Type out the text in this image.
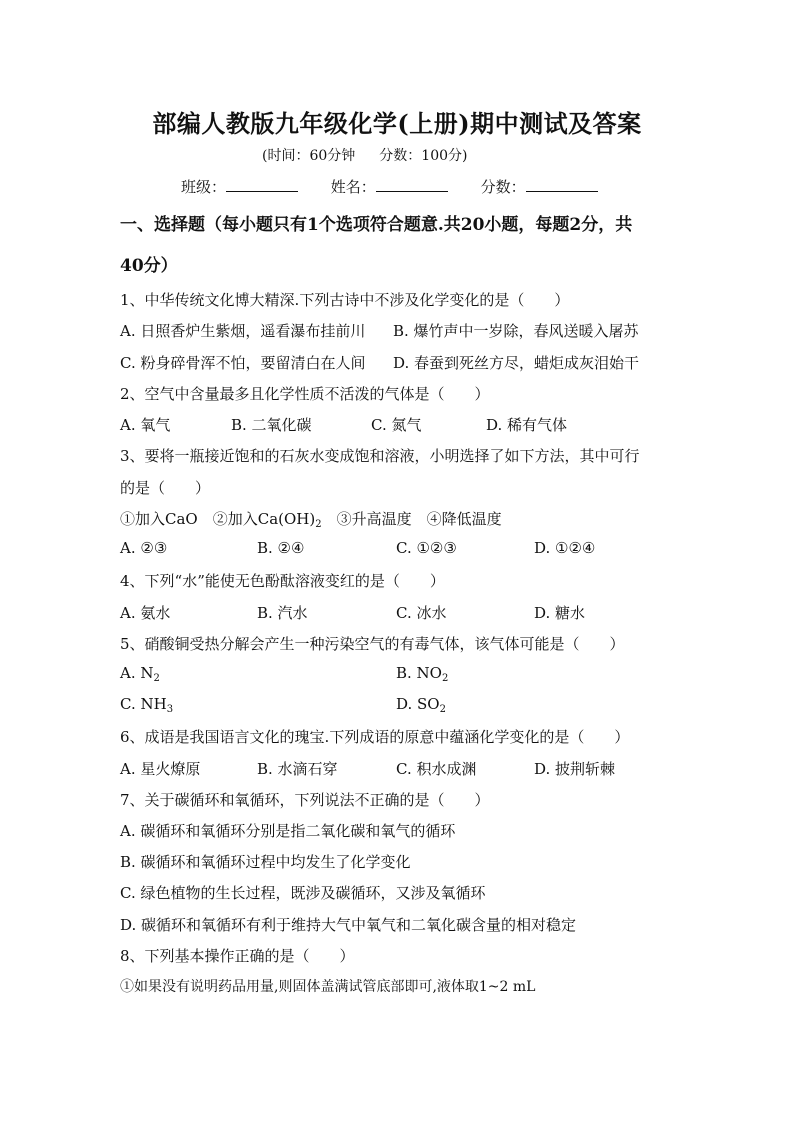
部编人教版九年级化学(上册)期中测试及答案
(时间：60分钟 分数：100分)
班级：	姓名：	分数：
一、选择题（每小题只有1个选项符合题意.共20小题，每题2分，共
40分）
1、中华传统文化博大精深.下列古诗中不涉及化学变化的是（　　）
A. 日照香炉生紫烟，遥看瀑布挂前川 B. 爆竹声中一岁除，春风送暖入屠苏
C. 粉身碎骨浑不怕，要留清白在人间 D. 春蚕到死丝方尽，蜡炬成灰泪始干
2、空气中含量最多且化学性质不活泼的气体是（　　）
A. 氧气	B. 二氧化碳	C. 氮气	D. 稀有气体
3、要将一瓶接近饱和的石灰水变成饱和溶液，小明选择了如下方法，其中可行
的是（　　）
①加入CaO　②加入$Ca(OH)_2$　③升高温度　④降低温度
A. ②③	B. ②④	C. ①②③	D. ①②④
4、下列“水”能使无色酚酞溶液变红的是（　　）
A. 氨水	B. 汽水	C. 冰水	D. 糖水
5、硝酸铜受热分解会产生一种污染空气的有毒气体，该气体可能是（　　）
A. $N_2$	B. $NO_2$
C. $NH_3$	D. $SO_2$
6、成语是我国语言文化的瑰宝.下列成语的原意中蕴涵化学变化的是（　　）
A. 星火燎原	B. 水滴石穿	C. 积水成渊	D. 披荆斩棘
7、关于碳循环和氧循环，下列说法不正确的是（　　）
A. 碳循环和氧循环分别是指二氧化碳和氧气的循环
B. 碳循环和氧循环过程中均发生了化学变化
C. 绿色植物的生长过程，既涉及碳循环，又涉及氧循环
D. 碳循环和氧循环有利于维持大气中氧气和二氧化碳含量的相对稳定
8、下列基本操作正确的是（　　）
①如果没有说明药品用量,则固体盖满试管底部即可,液体取1~2 mL
